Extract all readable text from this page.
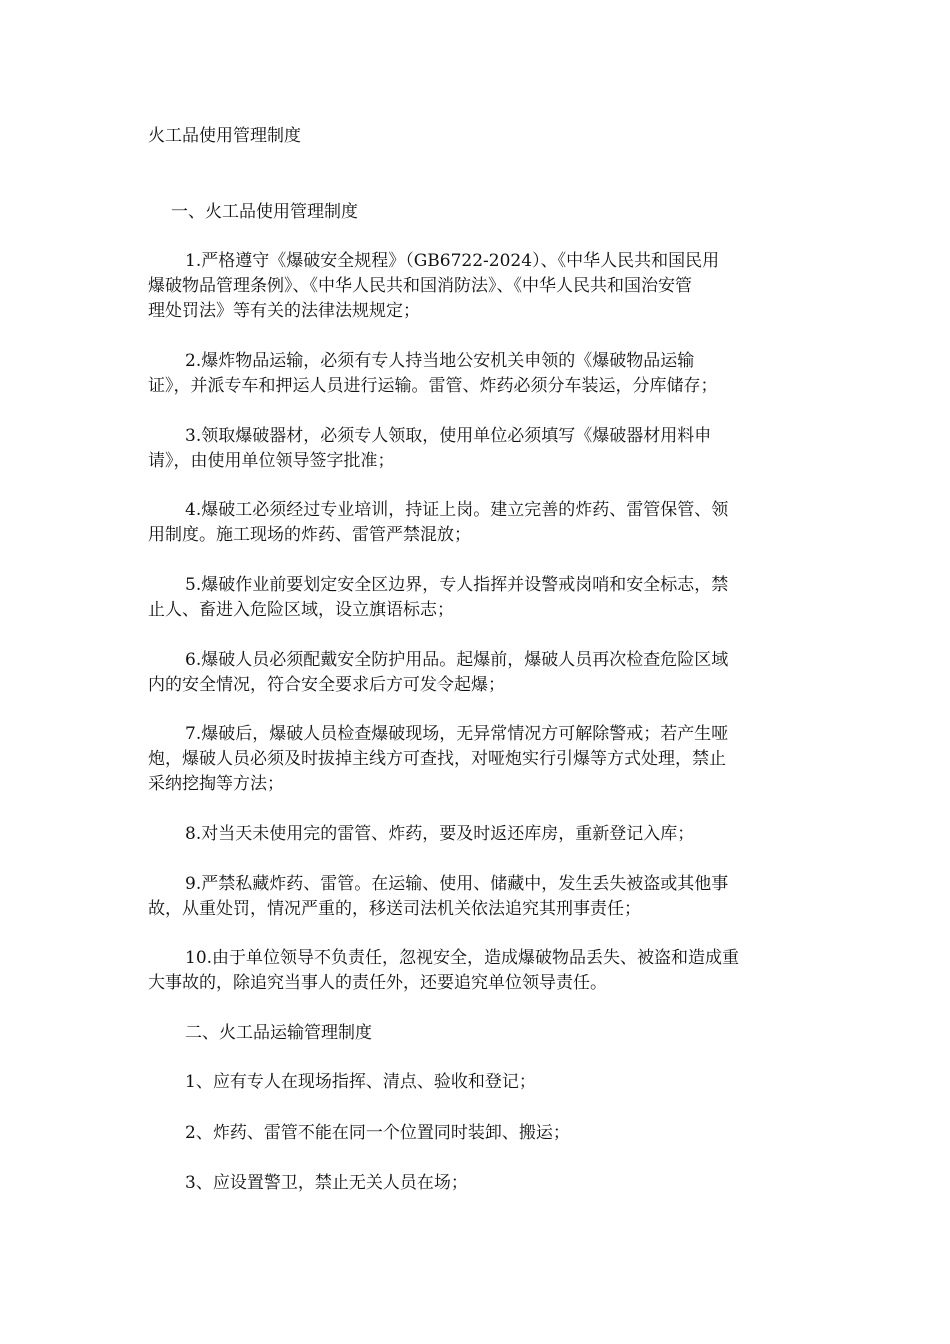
火工品使用管理制度
一、火工品使用管理制度
1.严格遵守《爆破安全规程》（GB6722-2024）、《中华人民共和国民用
爆破物品管理条例》、《中华人民共和国消防法》、《中华人民共和国治安管
理处罚法》等有关的法律法规规定；
2.爆炸物品运输，必须有专人持当地公安机关申领的《爆破物品运输
证》，并派专车和押运人员进行运输。雷管、炸药必须分车装运，分库储存；
3.领取爆破器材，必须专人领取，使用单位必须填写《爆破器材用料申
请》，由使用单位领导签字批准；
4.爆破工必须经过专业培训，持证上岗。建立完善的炸药、雷管保管、领
用制度。施工现场的炸药、雷管严禁混放；
5.爆破作业前要划定安全区边界，专人指挥并设警戒岗哨和安全标志，禁
止人、畜进入危险区域，设立旗语标志；
6.爆破人员必须配戴安全防护用品。起爆前，爆破人员再次检查危险区域
内的安全情况，符合安全要求后方可发令起爆；
7.爆破后，爆破人员检查爆破现场，无异常情况方可解除警戒；若产生哑
炮，爆破人员必须及时拔掉主线方可查找，对哑炮实行引爆等方式处理，禁止
采纳挖掏等方法；
8.对当天未使用完的雷管、炸药，要及时返还库房，重新登记入库；
9.严禁私藏炸药、雷管。在运输、使用、储藏中，发生丢失被盗或其他事
故，从重处罚，情况严重的，移送司法机关依法追究其刑事责任；
10.由于单位领导不负责任，忽视安全，造成爆破物品丢失、被盗和造成重
大事故的，除追究当事人的责任外，还要追究单位领导责任。
二、火工品运输管理制度
1、应有专人在现场指挥、清点、验收和登记；
2、炸药、雷管不能在同一个位置同时装卸、搬运；
3、应设置警卫，禁止无关人员在场；
